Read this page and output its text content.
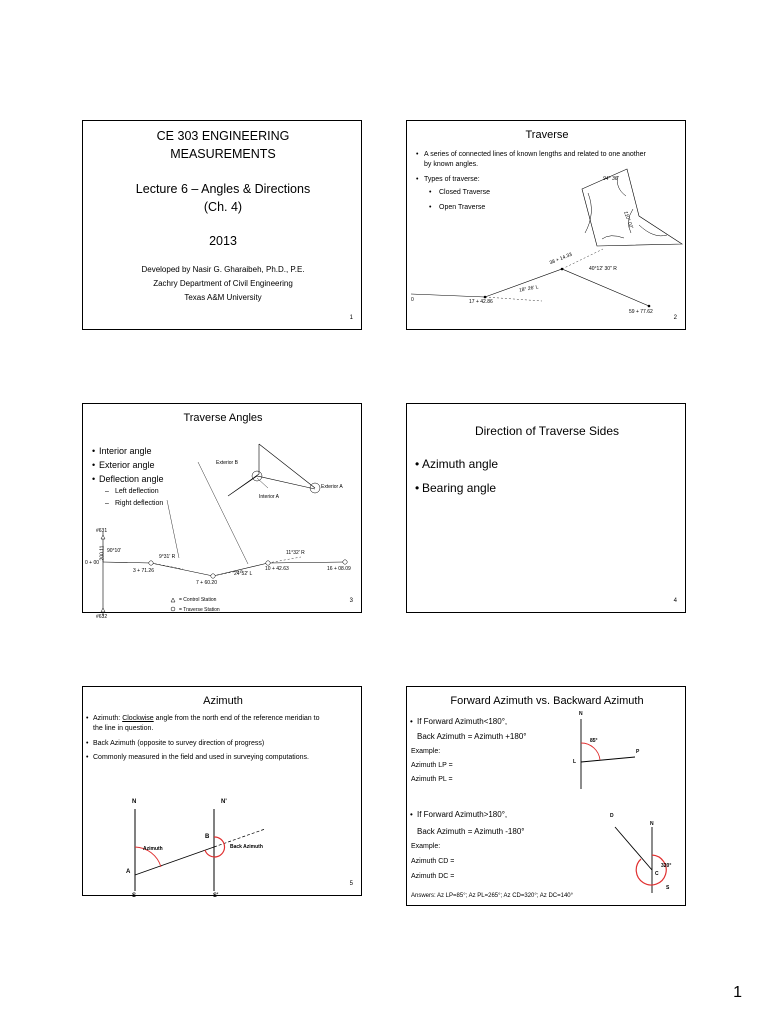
CE 303 ENGINEERING
MEASUREMENTS
Lecture 6 – Angles & Directions
(Ch. 4)
2013
Developed by Nasir G. Gharaibeh, Ph.D., P.E.
Zachry Department of Civil Engineering
Texas A&M University
1
Traverse
• A series of connected lines of known lengths and related to one another
by known angles.
• Types of traverse:
• Closed Traverse
• Open Traverse
94° 36'
110° 02'
0	17 + 42.86
38 + 14.33
18° 26' L
40°12' 30" R
59 + 77.62
2
Traverse Angles
• Interior angle
• Exterior angle
• Deflection angle
– Left deflection
– Right deflection
Exterior B
Interior A
Exterior A
#631
#632
200.11 90°10'
9°31' R
24°52' L
11°32' R
0 + 00
3 + 71.26
7 + 60.20
10 + 42.63	16 + 08.09
= Control Station
= Traverse Station
3
Direction of Traverse Sides
• Azimuth angle
• Bearing angle
4
Azimuth
• Azimuth: Clockwise angle from the north end of the reference meridian to
the line in question.
• Back Azimuth (opposite to survey direction of progress)
• Commonly measured in the field and used in surveying computations.
N	N'
S	S'
A
B
Azimuth	Back Azimuth
5
Forward Azimuth vs. Backward Azimuth
• If Forward Azimuth<180°,
Back Azimuth = Azimuth +180°
Example:
Azimuth LP =
Azimuth PL =
• If Forward Azimuth>180°,
Back Azimuth = Azimuth -180°
Example:
Azimuth CD =
Azimuth DC =
Answers: Az LP=85°; Az PL=265°; Az CD=320°; Az DC=140°
N
85°
P
L
D
N
320°
C
S
1
